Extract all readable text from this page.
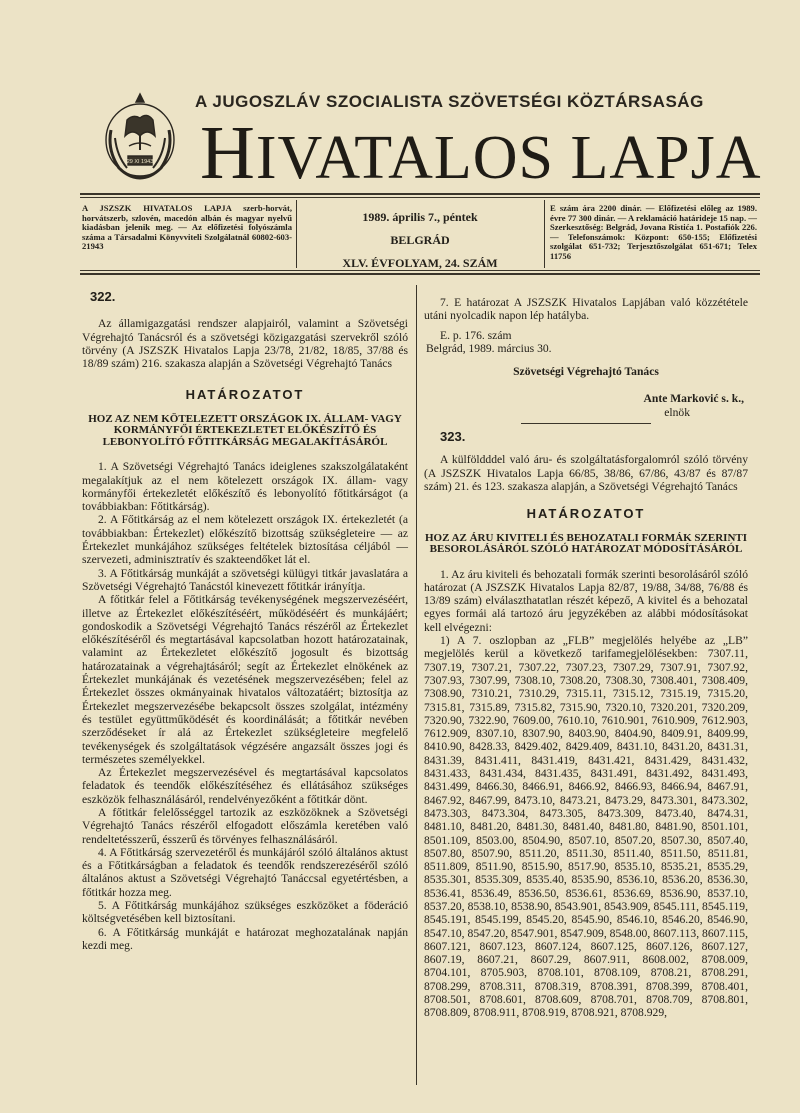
29 XI 1943
A JUGOSZLÁV SZOCIALISTA SZÖVETSÉGI KÖZTÁRSASÁG
HIVATALOS LAPJA
A JSZSZK HIVATALOS LAPJA szerb-horvát, horvátszerb, szlovén, macedón albán és magyar nyelvű kiadásban jelenik meg. — Az előfizetési folyószámla száma a Társadalmi Könyvviteli Szolgálatnál 60802-603-21943
1989. április 7., péntek
BELGRÁD
XLV. ÉVFOLYAM, 24. SZÁM
E szám ára 2200 dinár. — Előfizetési előleg az 1989. évre 77 300 dinár. — A reklamáció határideje 15 nap. — Szerkesztőség: Belgrád, Jovana Ristića 1. Postafiók 226. — Telefonszámok: Központ: 650-155; Előfizetési szolgálat 651-732; Terjesztőszolgálat 651-671; Telex 11756

322.

Az államigazgatási rendszer alapjairól, valamint a Szövetségi Végrehajtó Tanácsról és a szövetségi közigazgatási szervekről szóló törvény (A JSZSZK Hivatalos Lapja 23/78, 21/82, 18/85, 37/88 és 18/89 szám) 216. szakasza alapján a Szövetségi Végrehajtó Tanács

HATÁROZATOT

HOZ AZ NEM KÖTELEZETT ORSZÁGOK IX. ÁLLAM- VAGY KORMÁNYFŐI ÉRTEKEZLETET ELŐKÉSZÍTŐ ÉS LEBONYOLÍTÓ FŐTITKÁRSÁG MEGALAKÍTÁSÁRÓL

1. A Szövetségi Végrehajtó Tanács ideiglenes szakszolgálataként megalakítjuk az el nem kötelezett országok IX. állam- vagy kormányfői értekezletét előkészítő és lebonyolító főtitkárságot (a továbbiakban: Főtitkárság).

2. A Főtitkárság az el nem kötelezett országok IX. értekezletét (a továbbiakban: Értekezlet) előkészítő bizottság szükségleteire — az Értekezlet munkájához szükséges feltételek biztosítása céljából — szervezeti, adminisztratív és szakteendőket lát el.

3. A Főtitkárság munkáját a szövetségi külügyi titkár javaslatára a Szövetségi Végrehajtó Tanácstól kinevezett főtitkár irányítja.

A főtitkár felel a Főtitkárság tevékenységének megszervezéséért, illetve az Értekezlet előkészítéséért, működéséért és munkájáért; gondoskodik a Szövetségi Végrehajtó Tanács részéről az Értekezlet előkészítéséről és megtartásával kapcsolatban hozott határozatainak, valamint az Értekezletet előkészítő jogosult és bizottság határozatainak a végrehajtásáról; segít az Értekezlet elnökének az Értekezlet munkájának és vezetésének megszervezésében; felel az Értekezlet összes okmányainak hivatalos változatáért; biztosítja az Értekezlet megszervezésébe bekapcsolt összes szolgálat, intézmény és testület együttműködését és koordinálását; a főtitkár nevében szerződéseket ír alá az Értekezlet szükségleteire megfelelő tevékenységek és szolgáltatások végzésére angazsált összes jogi és természetes személyekkel.

Az Értekezlet megszervezésével és megtartásával kapcsolatos feladatok és teendők előkészítéséhez és ellátásához szükséges eszközök felhasználásáról, rendelvényezőként a főtitkár dönt.

A főtitkár felelősséggel tartozik az eszközöknek a Szövetségi Végrehajtó Tanács részéről elfogadott előszámla keretében való rendeltetésszerű, ésszerű és törvényes felhasználásáról.

4. A Főtitkárság szervezetéről és munkájáról szóló általános aktust és a Főtitkárságban a feladatok és teendők rendszerezéséről szóló általános aktust a Szövetségi Végrehajtó Tanáccsal egyetértésben, a főtitkár hozza meg.

5. A Főtitkárság munkájához szükséges eszközöket a föderáció költségvetésében kell biztosítani.

6. A Főtitkárság munkáját e határozat meghozatalának napján kezdi meg.

7. E határozat A JSZSZK Hivatalos Lapjában való közzététele utáni nyolcadik napon lép hatályba.

E. p. 176. szám

Belgrád, 1989. március 30.

Szövetségi Végrehajtó Tanács

Ante Marković s. k.,

elnök

323.

A külföldddel való áru- és szolgáltatásforgalomról szóló törvény (A JSZSZK Hivatalos Lapja 66/85, 38/86, 67/86, 43/87 és 87/87 szám) 21. és 123. szakasza alapján, a Szövetségi Végrehajtó Tanács

HATÁROZATOT

HOZ AZ ÁRU KIVITELI ÉS BEHOZATALI FORMÁK SZERINTI BESOROLÁSÁRÓL SZÓLÓ HATÁROZAT MÓDOSÍTÁSÁRÓL

1. Az áru kiviteli és behozatali formák szerinti besorolásáról szóló határozat (A JSZSZK Hivatalos Lapja 82/87, 19/88, 34/88, 76/88 és 13/89 szám) elválaszthatatlan részét képező, A kivitel és a behozatal egyes formái alá tartozó áru jegyzékében az alábbi módosításokat kell elvégezni:

1) A 7. oszlopban az „FLB” megjelölés helyébe az „LB” megjelölés kerül a következő tarifamegjelölésekben: 7307.11, 7307.19, 7307.21, 7307.22, 7307.23, 7307.29, 7307.91, 7307.92, 7307.93, 7307.99, 7308.10, 7308.20, 7308.30, 7308.401, 7308.409, 7308.90, 7310.21, 7310.29, 7315.11, 7315.12, 7315.19, 7315.20, 7315.81, 7315.89, 7315.82, 7315.90, 7320.10, 7320.201, 7320.209, 7320.90, 7322.90, 7609.00, 7610.10, 7610.901, 7610.909, 7612.903, 7612.909, 8307.10, 8307.90, 8403.90, 8404.90, 8409.91, 8409.99, 8410.90, 8428.33, 8429.402, 8429.409, 8431.10, 8431.20, 8431.31, 8431.39, 8431.411, 8431.419, 8431.421, 8431.429, 8431.432, 8431.433, 8431.434, 8431.435, 8431.491, 8431.492, 8431.493, 8431.499, 8466.30, 8466.91, 8466.92, 8466.93, 8466.94, 8467.91, 8467.92, 8467.99, 8473.10, 8473.21, 8473.29, 8473.301, 8473.302, 8473.303, 8473.304, 8473.305, 8473.309, 8473.40, 8474.31, 8481.10, 8481.20, 8481.30, 8481.40, 8481.80, 8481.90, 8501.101, 8501.109, 8503.00, 8504.90, 8507.10, 8507.20, 8507.30, 8507.40, 8507.80, 8507.90, 8511.20, 8511.30, 8511.40, 8511.50, 8511.81, 8511.809, 8511.90, 8515.90, 8517.90, 8535.10, 8535.21, 8535.29, 8535.301, 8535.309, 8535.40, 8535.90, 8536.10, 8536.20, 8536.30, 8536.41, 8536.49, 8536.50, 8536.61, 8536.69, 8536.90, 8537.10, 8537.20, 8538.10, 8538.90, 8543.901, 8543.909, 8545.111, 8545.119, 8545.191, 8545.199, 8545.20, 8545.90, 8546.10, 8546.20, 8546.90, 8547.10, 8547.20, 8547.901, 8547.909, 8548.00, 8607.113, 8607.115, 8607.121, 8607.123, 8607.124, 8607.125, 8607.126, 8607.127, 8607.19, 8607.21, 8607.29, 8607.911, 8608.002, 8708.009, 8704.101, 8705.903, 8708.101, 8708.109, 8708.21, 8708.291, 8708.299, 8708.311, 8708.319, 8708.391, 8708.399, 8708.401, 8708.501, 8708.601, 8708.609, 8708.701, 8708.709, 8708.801, 8708.809, 8708.911, 8708.919, 8708.921, 8708.929,
